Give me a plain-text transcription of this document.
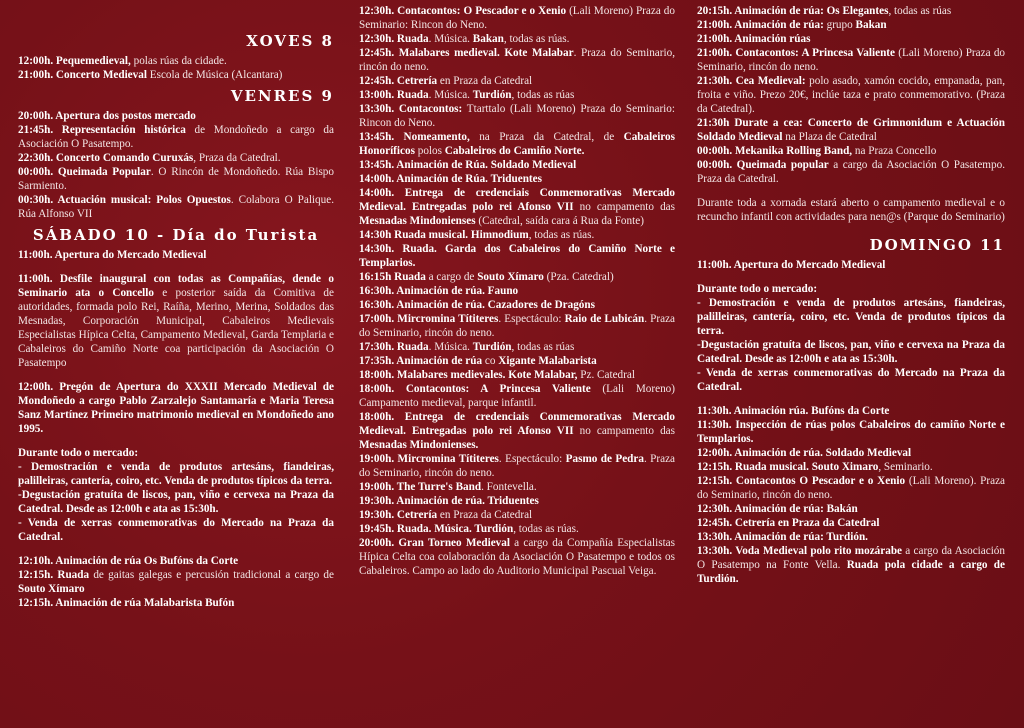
XOVES 8
12:00h. Pequemedieval, polas rúas da cidade.
21:00h. Concerto Medieval Escola de Música (Alcantara)
VENRES 9
20:00h. Apertura dos postos mercado
21:45h. Representación histórica de Mondoñedo a cargo da Asociación O Pasatempo.
22:30h. Concerto Comando Curuxás, Praza da Catedral.
00:00h. Queimada Popular. O Rincón de Mondoñedo. Rúa Bispo Sarmiento.
00:30h. Actuación musical: Polos Opuestos. Colabora O Palique. Rúa Alfonso VII
SÁBADO 10 - Día do Turista
11:00h. Apertura do Mercado Medieval
11:00h. Desfile inaugural con todas as Compañías, dende o Seminario ata o Concello e posterior saída da Comitiva de autoridades, formada polo Rei, Raíña, Merino, Merina, Soldados das Mesnadas, Corporación Municipal, Cabaleiros Medievais Especialistas Hípica Celta, Campamento Medieval, Garda Templaria e Cabaleiros do Camiño Norte coa participación da Asociación O Pasatempo
12:00h. Pregón de Apertura do XXXII Mercado Medieval de Mondoñedo a cargo Pablo Zarzalejo Santamaría e Maria Teresa Sanz Martínez Primeiro matrimonio medieval en Mondoñedo ano 1995.
Durante todo o mercado:
- Demostración e venda de produtos artesáns, fiandeiras, palilleiras, cantería, coiro, etc. Venda de produtos típicos da terra.
-Degustación gratuíta de liscos, pan, viño e cervexa na Praza da Catedral. Desde as 12:00h e ata as 15:30h.
- Venda de xerras conmemorativas do Mercado na Praza da Catedral.
12:10h. Animación de rúa Os Bufóns da Corte
12:15h. Ruada de gaitas galegas e percusión tradicional a cargo de Souto Xímaro
12:15h. Animación de rúa Malabarista Bufón
12:30h. Contacontos: O Pescador e o Xenio (Lali Moreno) Praza do Seminario: Rincon do Neno.
12:30h. Ruada. Música. Bakan, todas as rúas.
12:45h. Malabares medieval. Kote Malabar. Praza do Seminario, rincón do neno.
12:45h. Cetrería en Praza da Catedral
13:00h. Ruada. Música. Turdión, todas as rúas
13:30h. Contacontos: Ttarttalo (Lali Moreno) Praza do Seminario: Rincon do Neno.
13:45h. Nomeamento, na Praza da Catedral, de Cabaleiros Honoríficos polos Cabaleiros do Camiño Norte.
13:45h. Animación de Rúa. Soldado Medieval
14:00h. Animación de Rúa. Triduentes
14:00h. Entrega de credenciais Conmemorativas Mercado Medieval. Entregadas polo rei Afonso VII no campamento das Mesnadas Mindonienses (Catedral, saída cara á Rua da Fonte)
14:30h Ruada musical. Himnodium, todas as rúas.
14:30h. Ruada. Garda dos Cabaleiros do Camiño Norte e Templarios.
16:15h Ruada a cargo de Souto Xímaro (Pza. Catedral)
16:30h. Animación de rúa. Fauno
16:30h. Animación de rúa. Cazadores de Dragóns
17:00h. Mircromina Títiteres. Espectáculo: Raio de Lubicán. Praza do Seminario, rincón do neno.
17:30h. Ruada. Música. Turdión, todas as rúas
17:35h. Animación de rúa co Xigante Malabarista
18:00h. Malabares medievales. Kote Malabar, Pz. Catedral
18:00h. Contacontos: A Princesa Valiente (Lali Moreno) Campamento medieval, parque infantil.
18:00h. Entrega de credenciais Conmemorativas Mercado Medieval. Entregadas polo rei Afonso VII no campamento das Mesnadas Mindonienses.
19:00h. Mircromina Títiteres. Espectáculo: Pasmo de Pedra. Praza do Seminario, rincón do neno.
19:00h. The Turre's Band. Fontevella.
19:30h. Animación de rúa. Triduentes
19:30h. Cetrería en Praza da Catedral
19:45h. Ruada. Música. Turdión, todas as rúas.
20:00h. Gran Torneo Medieval a cargo da Compañía Especialistas Hípica Celta coa colaboración da Asociación O Pasatempo e todos os Cabaleiros. Campo ao lado do Auditorio Municipal Pascual Veiga.
20:15h. Animación de rúa: Os Elegantes, todas as rúas
21:00h. Animación de rúa: grupo Bakan
21:00h. Animación rúas
21:00h. Contacontos: A Princesa Valiente (Lali Moreno) Praza do Seminario, rincón do neno.
21:30h. Cea Medieval: polo asado, xamón cocido, empanada, pan, froita e viño. Prezo 20€, inclúe taza e prato conmemorativo. (Praza da Catedral).
21:30h Durate a cea: Concerto de Grimnonidum e Actuación Soldado Medieval na Plaza de Catedral
00:00h. Mekanika Rolling Band, na Praza Concello
00:00h. Queimada popular a cargo da Asociación O Pasatempo. Praza da Catedral.
Durante toda a xornada estará aberto o campamento medieval e o recuncho infantil con actividades para nen@s (Parque do Seminario)
DOMINGO 11
11:00h. Apertura do Mercado Medieval
Durante todo o mercado:
- Demostración e venda de produtos artesáns, fiandeiras, palilleiras, cantería, coiro, etc. Venda de produtos típicos da terra.
-Degustación gratuíta de liscos, pan, viño e cervexa na Praza da Catedral. Desde as 12:00h e ata as 15:30h.
- Venda de xerras conmemorativas do Mercado na Praza da Catedral.
11:30h. Animación rúa. Bufóns da Corte
11:30h. Inspección de rúas polos Cabaleiros do camiño Norte e Templarios.
12:00h. Animación de rúa. Soldado Medieval
12:15h. Ruada musical. Souto Ximaro, Seminario.
12:15h. Contacontos O Pescador e o Xenio (Lali Moreno). Praza do Seminario, rincón do neno.
12:30h. Animación de rúa: Bakán
12:45h. Cetrería en Praza da Catedral
13:30h. Animación de rúa: Turdión.
13:30h. Voda Medieval polo rito mozárabe a cargo da Asociación O Pasatempo na Fonte Vella. Ruada pola cidade a cargo de Turdión.
